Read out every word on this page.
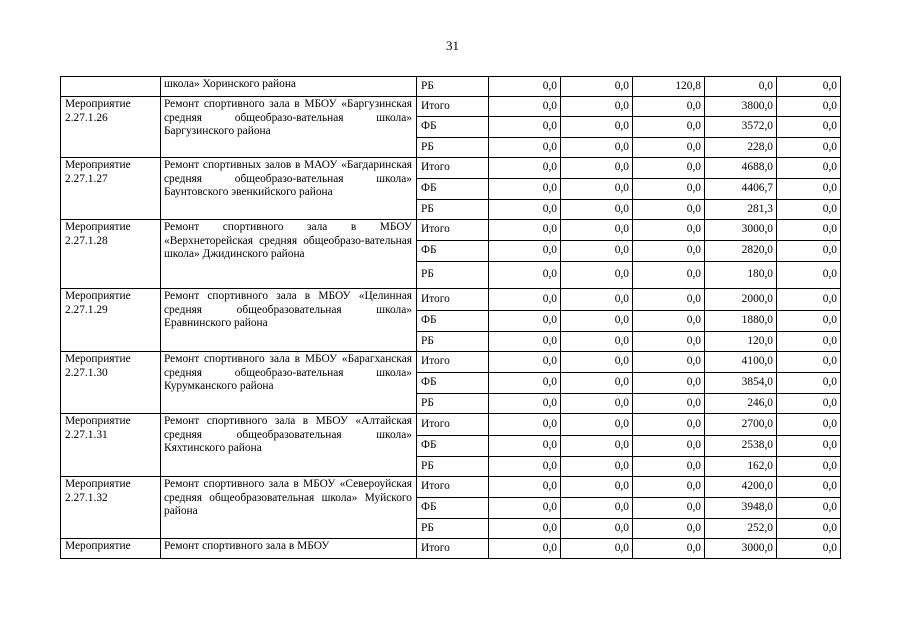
31
	школа» Хоринского района	РБ	0,0	0,0	120,8	0,0	0,0
Мероприятие 2.27.1.26	Ремонт спортивного зала в МБОУ «Баргузинская средняя общеобразо-вательная школа» Баргузинского района	Итого	0,0	0,0	0,0	3800,0	0,0
		ФБ	0,0	0,0	0,0	3572,0	0,0
		РБ	0,0	0,0	0,0	228,0	0,0
Мероприятие 2.27.1.27	Ремонт спортивных залов в МАОУ «Багдаринская средняя общеобразо-вательная школа» Баунтовского эвенкийского района	Итого	0,0	0,0	0,0	4688,0	0,0
		ФБ	0,0	0,0	0,0	4406,7	0,0
		РБ	0,0	0,0	0,0	281,3	0,0
Мероприятие 2.27.1.28	Ремонт спортивного зала в МБОУ «Верхнеторейская средняя общеобразо-вательная школа» Джидинского района	Итого	0,0	0,0	0,0	3000,0	0,0
		ФБ	0,0	0,0	0,0	2820,0	0,0
		РБ	0,0	0,0	0,0	180,0	0,0
Мероприятие 2.27.1.29	Ремонт спортивного зала в МБОУ «Целинная средняя общеобразовательная школа» Еравнинского района	Итого	0,0	0,0	0,0	2000,0	0,0
		ФБ	0,0	0,0	0,0	1880,0	0,0
		РБ	0,0	0,0	0,0	120,0	0,0
Мероприятие 2.27.1.30	Ремонт спортивного зала в МБОУ «Барагханская средняя общеобразо-вательная школа» Курумканского района	Итого	0,0	0,0	0,0	4100,0	0,0
		ФБ	0,0	0,0	0,0	3854,0	0,0
		РБ	0,0	0,0	0,0	246,0	0,0
Мероприятие 2.27.1.31	Ремонт спортивного зала в МБОУ «Алтайская средняя общеобразовательная школа» Кяхтинского района	Итого	0,0	0,0	0,0	2700,0	0,0
		ФБ	0,0	0,0	0,0	2538,0	0,0
		РБ	0,0	0,0	0,0	162,0	0,0
Мероприятие 2.27.1.32	Ремонт спортивного зала в МБОУ «Североуйская средняя общеобразовательная школа» Муйского района	Итого	0,0	0,0	0,0	4200,0	0,0
		ФБ	0,0	0,0	0,0	3948,0	0,0
		РБ	0,0	0,0	0,0	252,0	0,0
Мероприятие	Ремонт спортивного зала в МБОУ	Итого	0,0	0,0	0,0	3000,0	0,0
